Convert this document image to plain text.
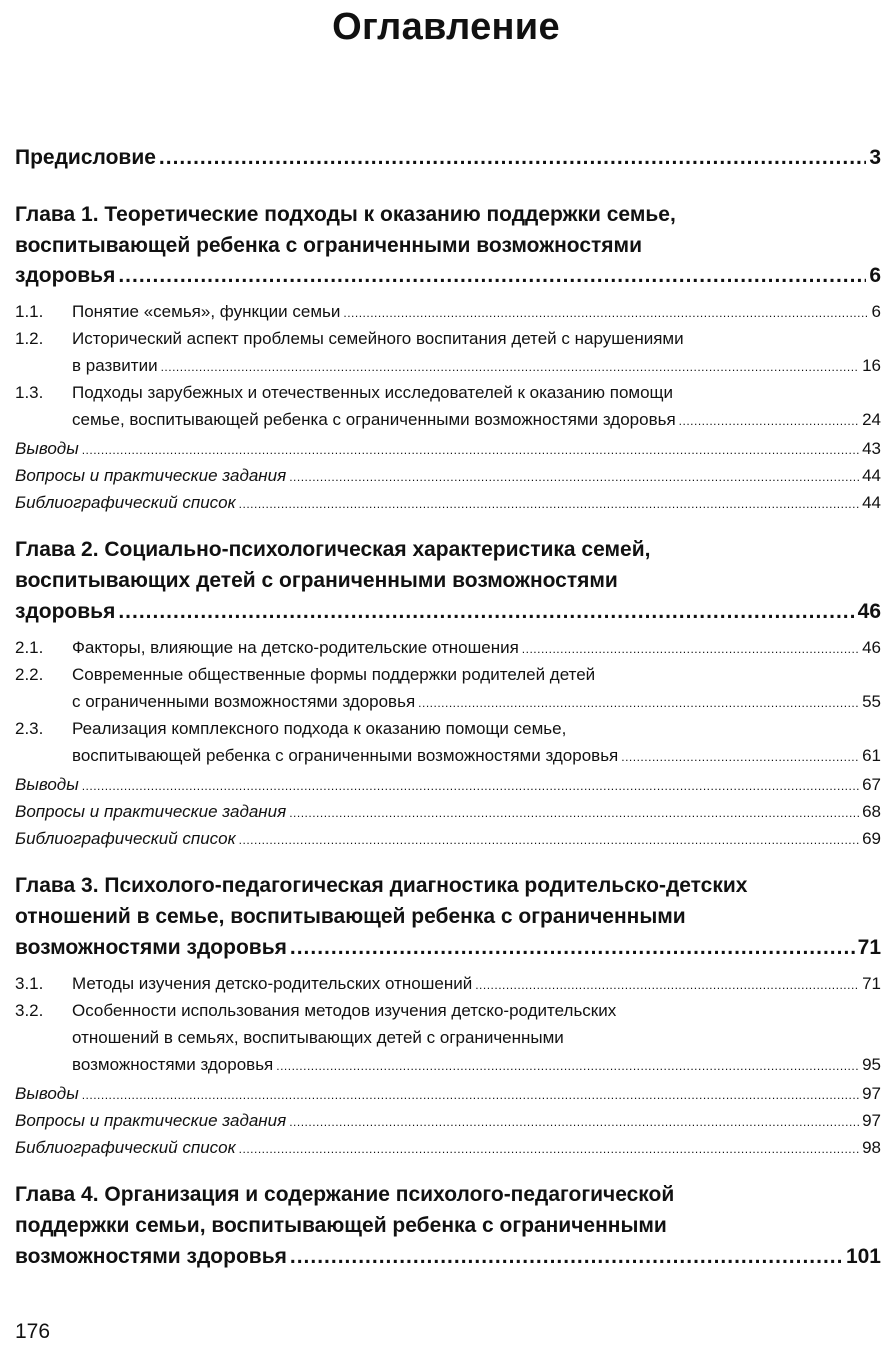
Оглавление
Предисловие .....	3
Глава 1. Теоретические подходы к оказанию поддержки семье,
воспитывающей ребенка с ограниченными возможностями
здоровья .....	6
1.1. Понятие «семья», функции семьи .....	6
1.2. Исторический аспект проблемы семейного воспитания детей с нарушениями
в развитии .....	16
1.3. Подходы зарубежных и отечественных исследователей к оказанию помощи
семье, воспитывающей ребенка с ограниченными возможностями здоровья .....	24
Выводы .....	43
Вопросы и практические задания .....	44
Библиографический список .....	44
Глава 2. Социально-психологическая характеристика семей,
воспитывающих детей с ограниченными возможностями
здоровья .....	46
2.1. Факторы, влияющие на детско-родительские отношения .....	46
2.2. Современные общественные формы поддержки родителей детей
с ограниченными возможностями здоровья .....	55
2.3. Реализация комплексного подхода к оказанию помощи семье,
воспитывающей ребенка с ограниченными возможностями здоровья .....	61
Выводы .....	67
Вопросы и практические задания .....	68
Библиографический список .....	69
Глава 3. Психолого-педагогическая диагностика родительско-детских
отношений в семье, воспитывающей ребенка с ограниченными
возможностями здоровья .....	71
3.1. Методы изучения детско-родительских отношений .....	71
3.2. Особенности использования методов изучения детско-родительских
отношений в семьях, воспитывающих детей с ограниченными
возможностями здоровья .....	95
Выводы .....	97
Вопросы и практические задания .....	97
Библиографический список .....	98
Глава 4. Организация и содержание психолого-педагогической
поддержки семьи, воспитывающей ребенка с ограниченными
возможностями здоровья .....	101
176
